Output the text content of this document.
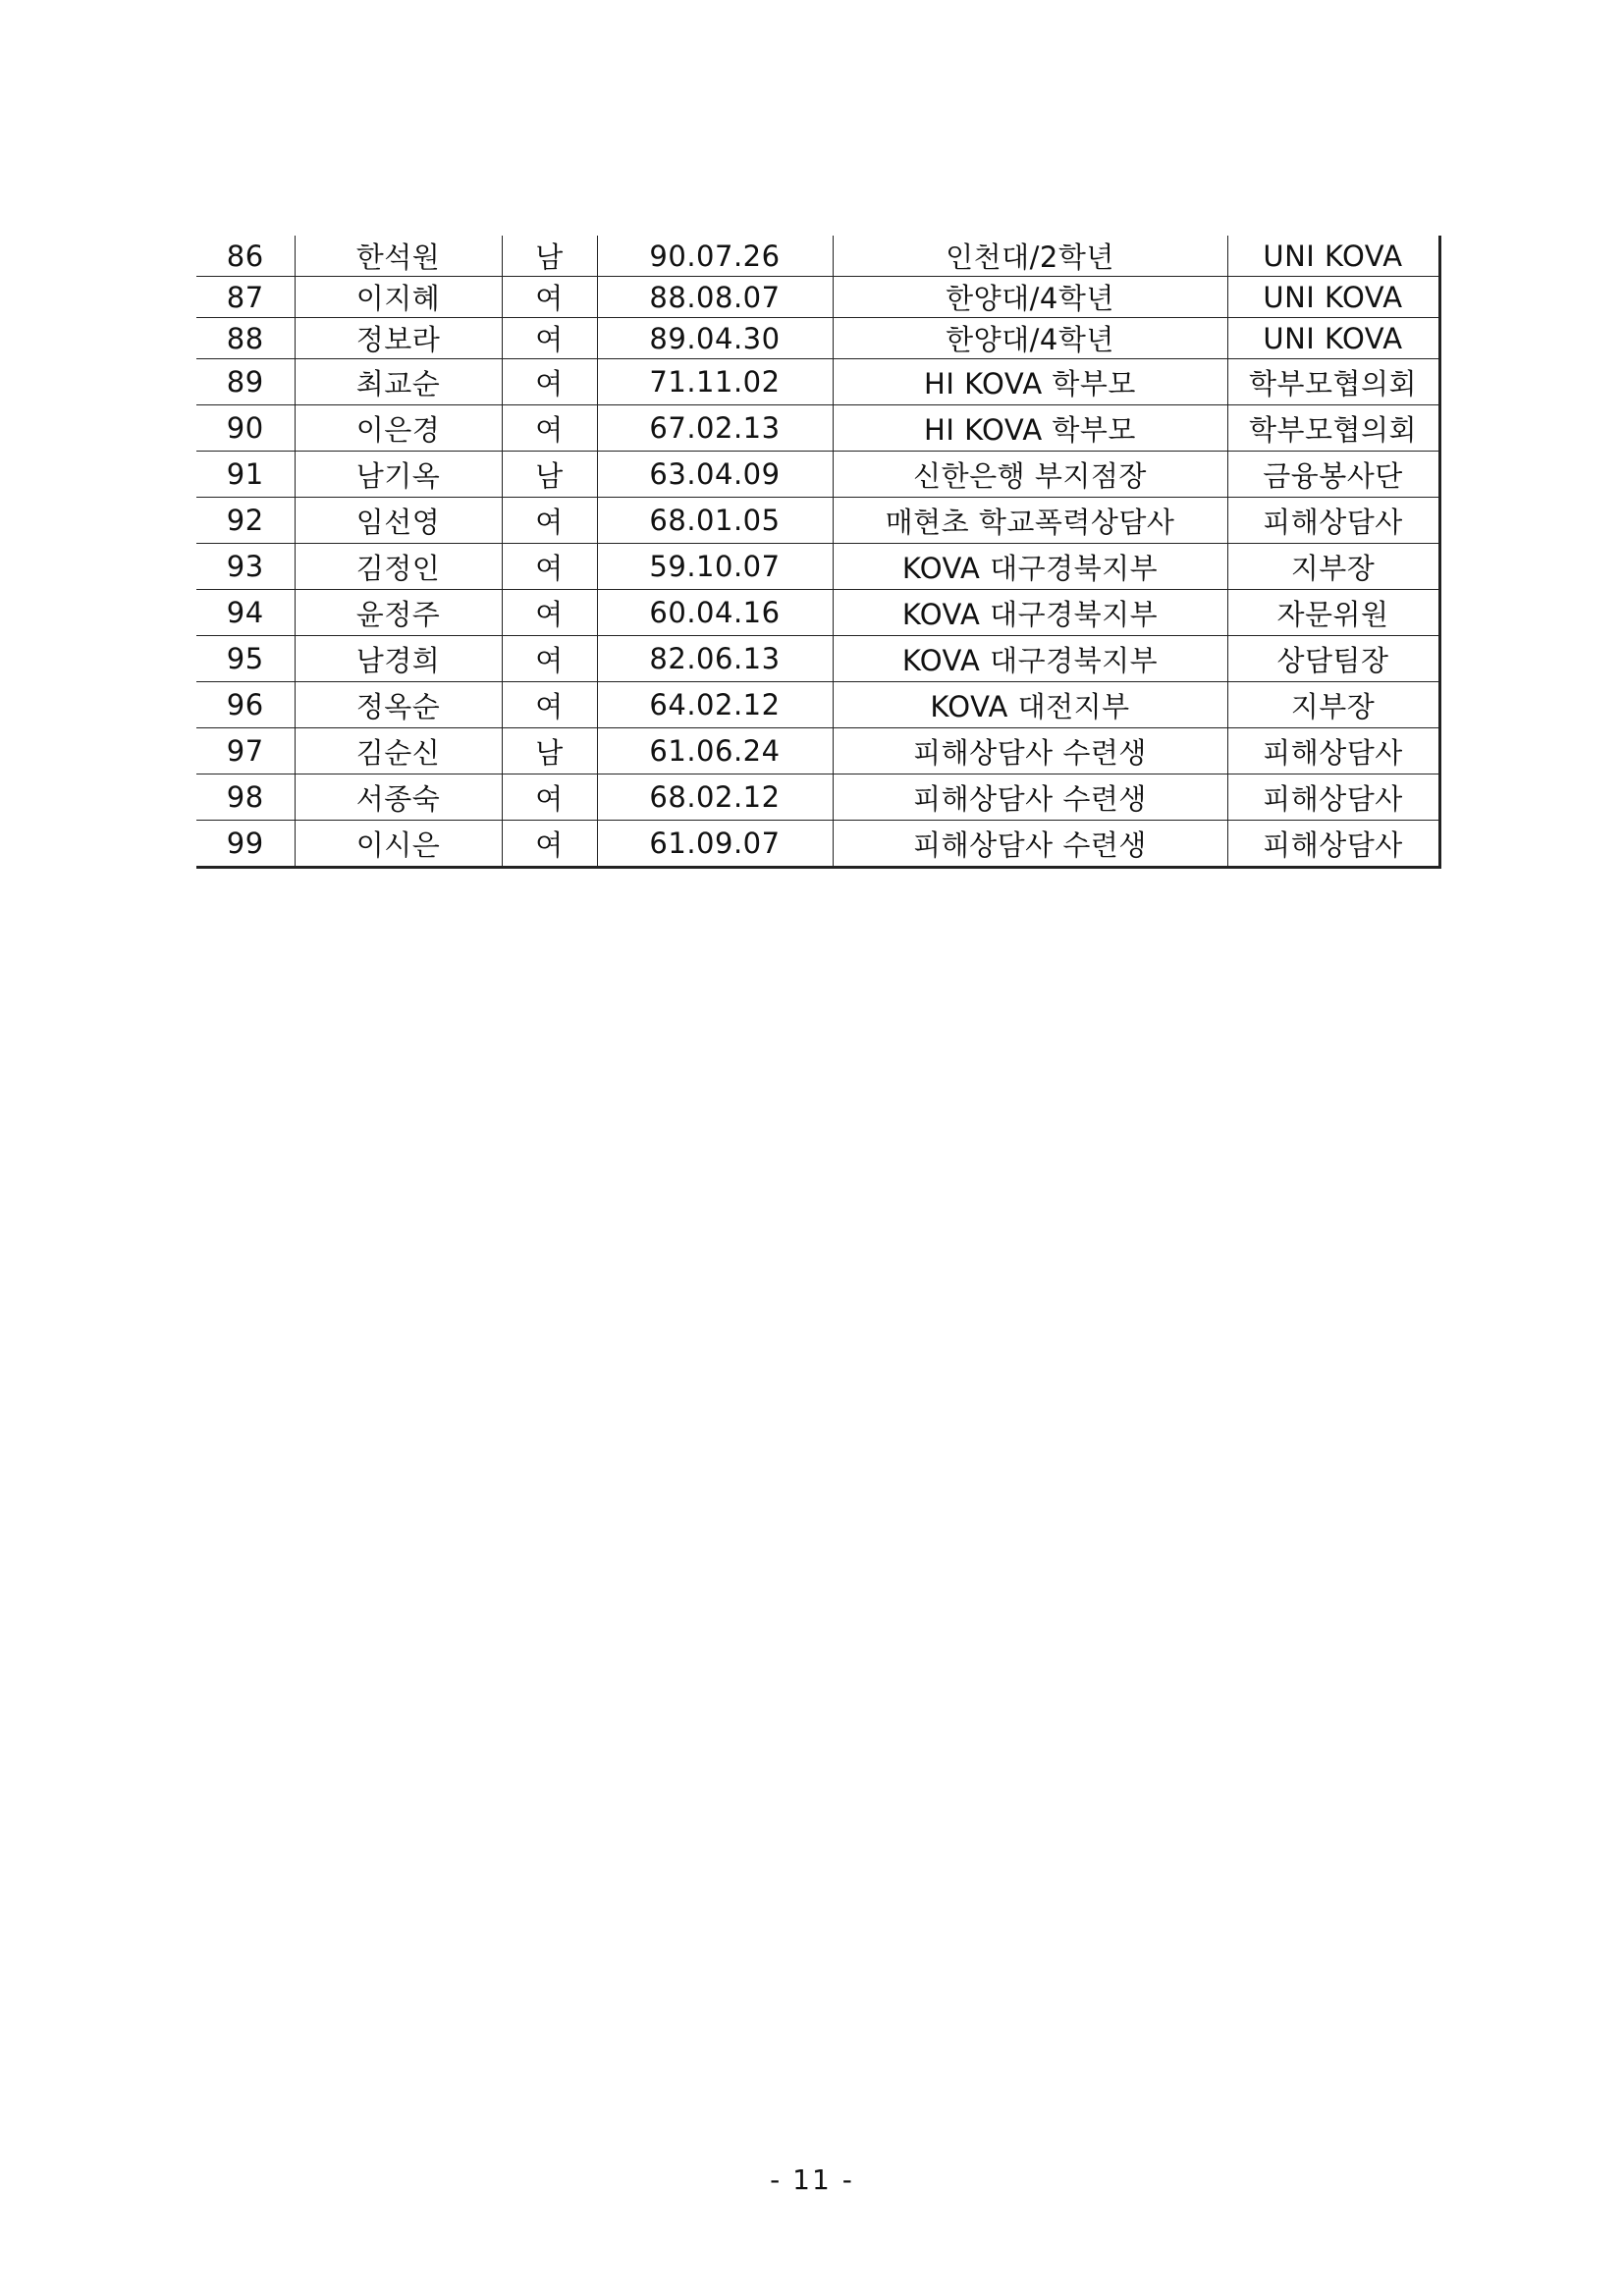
86	한석원	남	90.07.26	인천대/2학년	UNI KOVA
87	이지혜	여	88.08.07	한양대/4학년	UNI KOVA
88	정보라	여	89.04.30	한양대/4학년	UNI KOVA
89	최교순	여	71.11.02	HI KOVA 학부모	학부모협의회
90	이은경	여	67.02.13	HI KOVA 학부모	학부모협의회
91	남기옥	남	63.04.09	신한은행 부지점장	금융봉사단
92	임선영	여	68.01.05	매현초 학교폭력상담사	피해상담사
93	김정인	여	59.10.07	KOVA 대구경북지부	지부장
94	윤정주	여	60.04.16	KOVA 대구경북지부	자문위원
95	남경희	여	82.06.13	KOVA 대구경북지부	상담팀장
96	정옥순	여	64.02.12	KOVA 대전지부	지부장
97	김순신	남	61.06.24	피해상담사 수련생	피해상담사
98	서종숙	여	68.02.12	피해상담사 수련생	피해상담사
99	이시은	여	61.09.07	피해상담사 수련생	피해상담사
- 11 -
